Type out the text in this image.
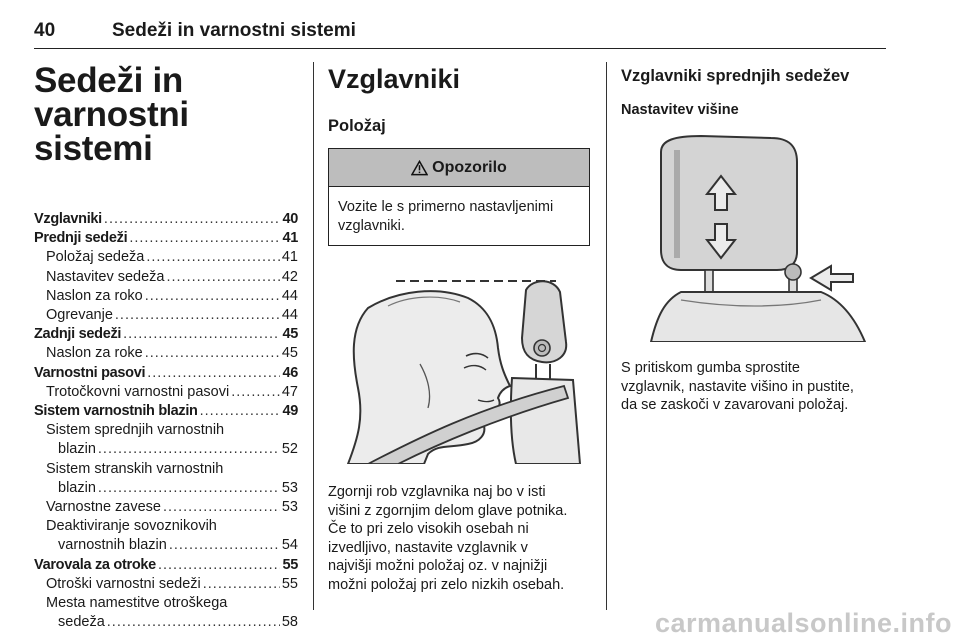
40	Sedeži in varnostni sistemi
Sedeži in varnostni
sistemi
Vzglavniki .....	40
Prednji sedeži .....	41
Položaj sedeža .....	41
Nastavitev sedeža .....	42
Naslon za roko .....	44
Ogrevanje .....	44
Zadnji sedeži .....	45
Naslon za roke .....	45
Varnostni pasovi .....	46
Trotočkovni varnostni pasovi .....	47
Sistem varnostnih blazin .....	49
Sistem sprednjih varnostnih
blazin .....	52
Sistem stranskih varnostnih
blazin .....	53
Varnostne zavese .....	53
Deaktiviranje sovoznikovih
varnostnih blazin .....	54
Varovala za otroke .....	55
Otroški varnostni sedeži .....	55
Mesta namestitve otroškega
sedeža .....	58
Vzglavniki
Položaj
Opozorilo
Vozite le s primerno nastavljenimi
vzglavniki.
Zgornji rob vzglavnika naj bo v isti
višini z zgornjim delom glave potnika.
Če to pri zelo visokih osebah ni
izvedljivo, nastavite vzglavnik v
najvišji možni položaj oz. v najnižji
možni položaj pri zelo nizkih osebah.
Vzglavniki sprednjih sedežev
Nastavitev višine
S pritiskom gumba sprostite
vzglavnik, nastavite višino in pustite,
da se zaskoči v zavarovani položaj.
carmanualsonline.info
